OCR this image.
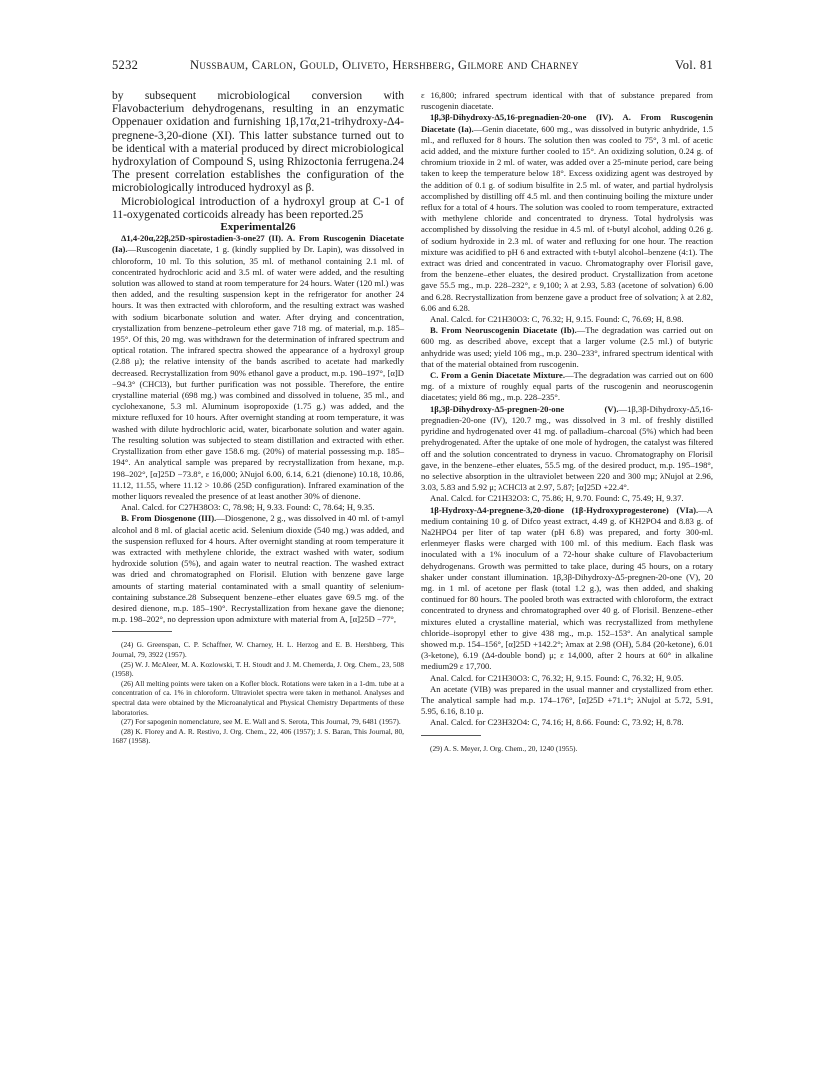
5232	Nussbaum, Carlon, Gould, Oliveto, Hershberg, Gilmore and Charney	Vol. 81

by subsequent microbiological conversion with Flavobacterium dehydrogenans, resulting in an enzymatic Oppenauer oxidation and furnishing 1β,17α,21-trihydroxy-Δ4-pregnene-3,20-dione (XI). This latter substance turned out to be identical with a material produced by direct microbiological hydroxylation of Compound S, using Rhizoctonia ferrugena.24 The present correlation establishes the configuration of the microbiologically introduced hydroxyl as β.

Microbiological introduction of a hydroxyl group at C-1 of 11-oxygenated corticoids already has been reported.25

Experimental26

Δ1,4-20α,22β,25D-spirostadien-3-one27 (II). A. From Ruscogenin Diacetate (Ia).—Ruscogenin diacetate, 1 g. (kindly supplied by Dr. Lapin), was dissolved in chloroform, 10 ml. To this solution, 35 ml. of methanol containing 2.1 ml. of concentrated hydrochloric acid and 3.5 ml. of water were added, and the resulting solution was allowed to stand at room temperature for 24 hours. Water (120 ml.) was then added, and the resulting suspension kept in the refrigerator for another 24 hours. It was then extracted with chloroform, and the resulting extract was washed with sodium bicarbonate solution and water. After drying and concentration, crystallization from benzene–petroleum ether gave 718 mg. of material, m.p. 185–195°. Of this, 20 mg. was withdrawn for the determination of infrared spectrum and optical rotation. The infrared spectra showed the appearance of a hydroxyl group (2.88 μ); the relative intensity of the bands ascribed to acetate had markedly decreased. Recrystallization from 90% ethanol gave a product, m.p. 190–197°, [α]D −94.3° (CHCl3), but further purification was not possible. Therefore, the entire crystalline material (698 mg.) was combined and dissolved in toluene, 35 ml., and cyclohexanone, 5.3 ml. Aluminum isopropoxide (1.75 g.) was added, and the mixture refluxed for 10 hours. After overnight standing at room temperature, it was washed with dilute hydrochloric acid, water, bicarbonate solution and water again. The resulting solution was subjected to steam distillation and extracted with ether. Crystallization from ether gave 158.6 mg. (20%) of material possessing m.p. 185–194°. An analytical sample was prepared by recrystallization from hexane, m.p. 198–202°, [α]25D −73.8°, ε 16,000; λNujol 6.00, 6.14, 6.21 (dienone) 10.18, 10.86, 11.12, 11.55, where 11.12 > 10.86 (25D configuration). Infrared examination of the mother liquors revealed the presence of at least another 30% of dienone.

Anal. Calcd. for C27H38O3: C, 78.98; H, 9.33. Found: C, 78.64; H, 9.35.

B. From Diosgenone (III).—Diosgenone, 2 g., was dissolved in 40 ml. of t-amyl alcohol and 8 ml. of glacial acetic acid. Selenium dioxide (540 mg.) was added, and the suspension refluxed for 4 hours. After overnight standing at room temperature it was extracted with methylene chloride, the extract washed with water, sodium hydroxide solution (5%), and again water to neutral reaction. The washed extract was dried and chromatographed on Florisil. Elution with benzene gave large amounts of starting material contaminated with a small quantity of selenium-containing substance.28 Subsequent benzene–ether eluates gave 69.5 mg. of the desired dienone, m.p. 185–190°. Recrystallization from hexane gave the dienone; m.p. 198–202°, no depression upon admixture with material from A, [α]25D −77°,

(24) G. Greenspan, C. P. Schaffner, W. Charney, H. L. Herzog and E. B. Hershberg, This Journal, 79, 3922 (1957).

(25) W. J. McAleer, M. A. Kozlowski, T. H. Stoudt and J. M. Chemerda, J. Org. Chem., 23, 508 (1958).

(26) All melting points were taken on a Kofler block. Rotations were taken in a 1-dm. tube at a concentration of ca. 1% in chloroform. Ultraviolet spectra were taken in methanol. Analyses and spectral data were obtained by the Microanalytical and Physical Chemistry Departments of these laboratories.

(27) For sapogenin nomenclature, see M. E. Wall and S. Serota, This Journal, 79, 6481 (1957).

(28) K. Florey and A. R. Restivo, J. Org. Chem., 22, 406 (1957); J. S. Baran, This Journal, 80, 1687 (1958).

ε 16,800; infrared spectrum identical with that of substance prepared from ruscogenin diacetate.

1β,3β-Dihydroxy-Δ5,16-pregnadien-20-one (IV). A. From Ruscogenin Diacetate (Ia).—Genin diacetate, 600 mg., was dissolved in butyric anhydride, 1.5 ml., and refluxed for 8 hours. The solution then was cooled to 75°, 3 ml. of acetic acid added, and the mixture further cooled to 15°. An oxidizing solution, 0.24 g. of chromium trioxide in 2 ml. of water, was added over a 25-minute period, care being taken to keep the temperature below 18°. Excess oxidizing agent was destroyed by the addition of 0.1 g. of sodium bisulfite in 2.5 ml. of water, and partial hydrolysis accomplished by distilling off 4.5 ml. and then continuing boiling the mixture under reflux for a total of 4 hours. The solution was cooled to room temperature, extracted with methylene chloride and concentrated to dryness. Total hydrolysis was accomplished by dissolving the residue in 4.5 ml. of t-butyl alcohol, adding 0.26 g. of sodium hydroxide in 2.3 ml. of water and refluxing for one hour. The reaction mixture was acidified to pH 6 and extracted with t-butyl alcohol–benzene (4:1). The extract was dried and concentrated in vacuo. Chromatography over Florisil gave, from the benzene–ether eluates, the desired product. Crystallization from acetone gave 55.5 mg., m.p. 228–232°, ε 9,100; λ at 2.93, 5.83 (acetone of solvation) 6.00 and 6.28. Recrystallization from benzene gave a product free of solvation; λ at 2.82, 6.06 and 6.28.

Anal. Calcd. for C21H30O3: C, 76.32; H, 9.15. Found: C, 76.69; H, 8.98.

B. From Neoruscogenin Diacetate (Ib).—The degradation was carried out on 600 mg. as described above, except that a larger volume (2.5 ml.) of butyric anhydride was used; yield 106 mg., m.p. 230–233°, infrared spectrum identical with that of the material obtained from ruscogenin.

C. From a Genin Diacetate Mixture.—The degradation was carried out on 600 mg. of a mixture of roughly equal parts of the ruscogenin and neoruscogenin diacetates; yield 86 mg., m.p. 228–235°.

1β,3β-Dihydroxy-Δ5-pregnen-20-one (V).—1β,3β-Dihydroxy-Δ5,16-pregnadien-20-one (IV), 120.7 mg., was dissolved in 3 ml. of freshly distilled pyridine and hydrogenated over 41 mg. of palladium–charcoal (5%) which had been prehydrogenated. After the uptake of one mole of hydrogen, the catalyst was filtered off and the solution concentrated to dryness in vacuo. Chromatography on Florisil gave, in the benzene–ether eluates, 55.5 mg. of the desired product, m.p. 195–198°, no selective absorption in the ultraviolet between 220 and 300 mμ; λNujol at 2.96, 3.03, 5.83 and 5.92 μ; λCHCl3 at 2.97, 5.87; [α]25D +22.4°.

Anal. Calcd. for C21H32O3: C, 75.86; H, 9.70. Found: C, 75.49; H, 9.37.

1β-Hydroxy-Δ4-pregnene-3,20-dione (1β-Hydroxyprogesterone) (VIa).—A medium containing 10 g. of Difco yeast extract, 4.49 g. of KH2PO4 and 8.83 g. of Na2HPO4 per liter of tap water (pH 6.8) was prepared, and forty 300-ml. erlenmeyer flasks were charged with 100 ml. of this medium. Each flask was inoculated with a 1% inoculum of a 72-hour shake culture of Flavobacterium dehydrogenans. Growth was permitted to take place, during 45 hours, on a rotary shaker under constant illumination. 1β,3β-Dihydroxy-Δ5-pregnen-20-one (V), 20 mg. in 1 ml. of acetone per flask (total 1.2 g.), was then added, and shaking continued for 80 hours. The pooled broth was extracted with chloroform, the extract concentrated to dryness and chromatographed over 40 g. of Florisil. Benzene–ether mixtures eluted a crystalline material, which was recrystallized from methylene chloride–isopropyl ether to give 438 mg., m.p. 152–153°. An analytical sample showed m.p. 154–156°, [α]25D +142.2°; λmax at 2.98 (OH), 5.84 (20-ketone), 6.01 (3-ketone), 6.19 (Δ4-double bond) μ; ε 14,000, after 2 hours at 60° in alkaline medium29 ε 17,700.

Anal. Calcd. for C21H30O3: C, 76.32; H, 9.15. Found: C, 76.32; H, 9.05.

An acetate (VIB) was prepared in the usual manner and crystallized from ether. The analytical sample had m.p. 174–176°, [α]25D +71.1°; λNujol at 5.72, 5.91, 5.95, 6.16, 8.10 μ.

Anal. Calcd. for C23H32O4: C, 74.16; H, 8.66. Found: C, 73.92; H, 8.78.

(29) A. S. Meyer, J. Org. Chem., 20, 1240 (1955).
